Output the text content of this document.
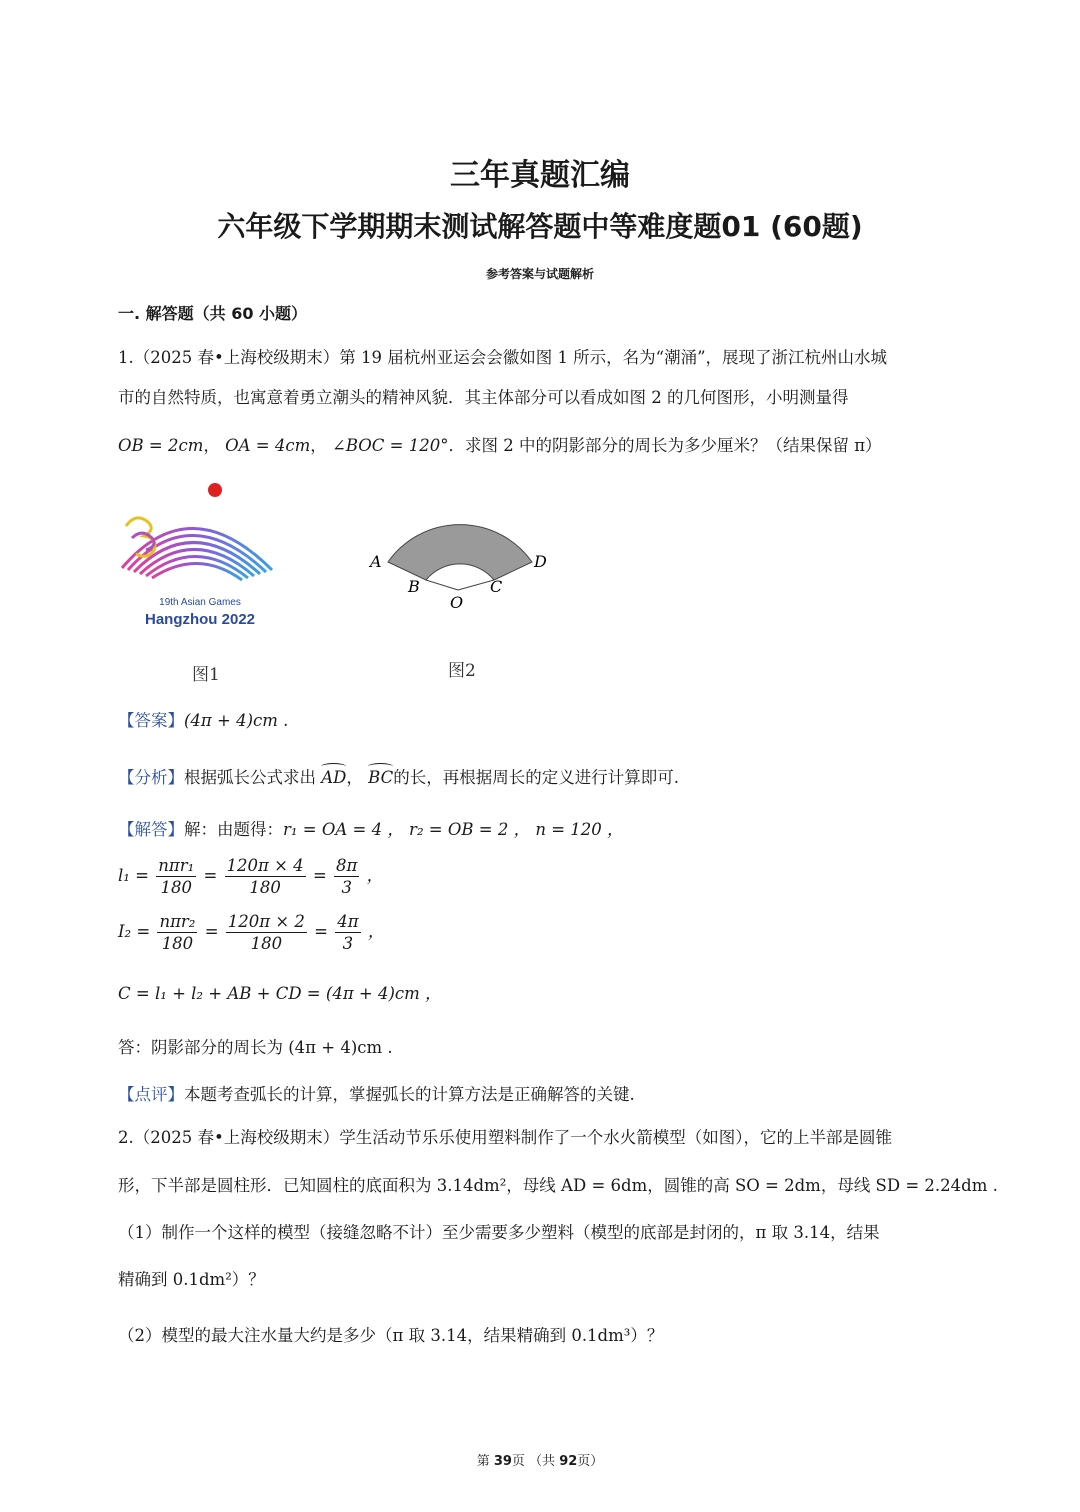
三年真题汇编
六年级下学期期末测试解答题中等难度题01 (60题)
参考答案与试题解析
一. 解答题（共 60 小题）
1.（2025 春•上海校级期末）第 19 届杭州亚运会会徽如图 1 所示，名为“潮涌”，展现了浙江杭州山水城
市的自然特质，也寓意着勇立潮头的精神风貌．其主体部分可以看成如图 2 的几何图形，小明测量得
OB = 2cm， OA = 4cm， ∠BOC = 120°．求图 2 中的阴影部分的周长为多少厘米？（结果保留 π）
19th Asian Games
Hangzhou 2022
图1
A
B	C
D
O
图2
【答案】(4π + 4)cm .
【分析】根据弧长公式求出 AD， BC的长，再根据周长的定义进行计算即可.
【解答】解：由题得：r₁ = OA = 4 ， r₂ = OB = 2 ， n = 120 ，
$l_1 = \frac{\text{nπr₁}}{180} = \frac{120\pi \times 4}{180} = \frac{8\pi}{3}$ ，
$I_2 = \frac{\text{nπr₂}}{180} = \frac{120\pi \times 2}{180} = \frac{4\pi}{3}$ ，
C = l₁ + l₂ + AB + CD = (4π + 4)cm ，
答：阴影部分的周长为 (4π + 4)cm .
【点评】本题考查弧长的计算，掌握弧长的计算方法是正确解答的关键.
2.（2025 春•上海校级期末）学生活动节乐乐使用塑料制作了一个水火箭模型（如图），它的上半部是圆锥
形，下半部是圆柱形．已知圆柱的底面积为 3.14dm²，母线 AD = 6dm，圆锥的高 SO = 2dm，母线 SD = 2.24dm .
（1）制作一个这样的模型（接缝忽略不计）至少需要多少塑料（模型的底部是封闭的，π 取 3.14，结果
精确到 0.1dm²）？
（2）模型的最大注水量大约是多少（π 取 3.14，结果精确到 0.1dm³）？
第 39页 （共 92页）
